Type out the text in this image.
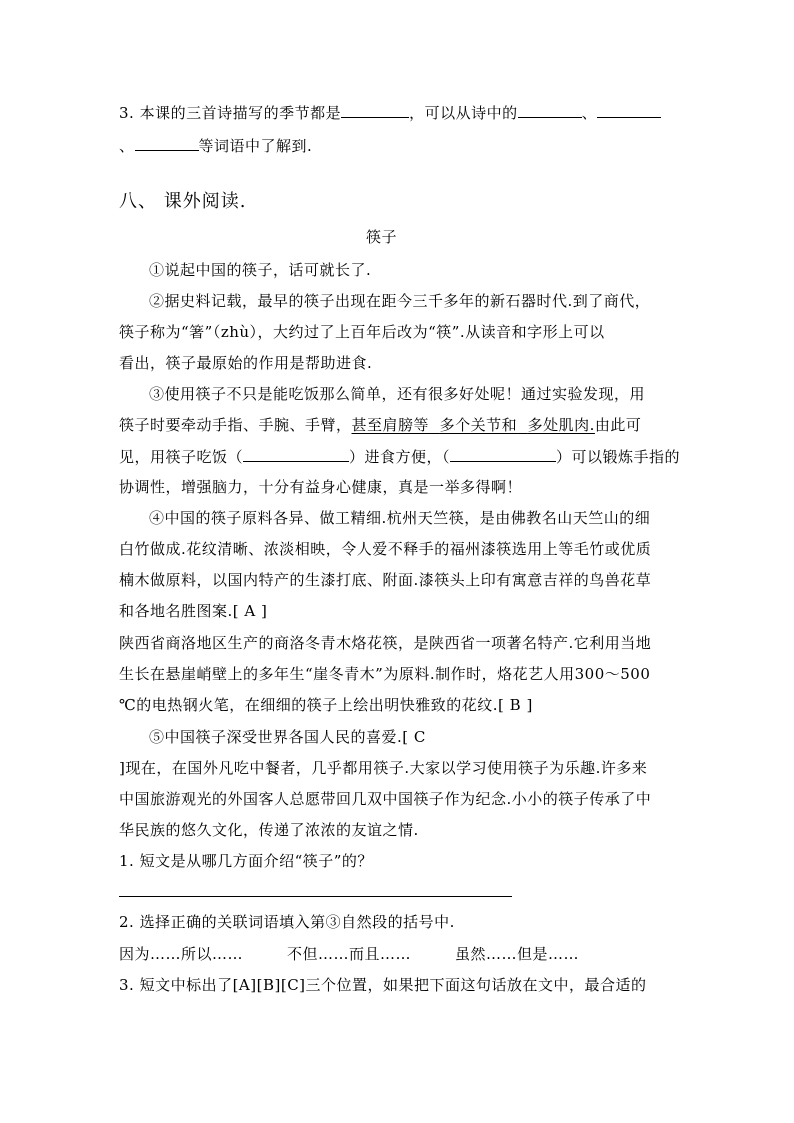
3. 本课的三首诗描写的季节都是	，可以从诗中的	、
、	等词语中了解到.
八、 课外阅读.
筷子
①说起中国的筷子，话可就长了.
②据史料记载，最早的筷子出现在距今三千多年的新石器时代.到了商代，
筷子称为“箸”（zhù），大约过了上百年后改为“筷”.从读音和字形上可以
看出，筷子最原始的作用是帮助进食.
③使用筷子不只是能吃饭那么简单，还有很多好处呢！通过实验发现，用
筷子时要牵动手指、手腕、手臂，甚至肩膀等 多个关节和 多处肌肉.由此可
见，用筷子吃饭（	）进食方便，（	）可以锻炼手指的
协调性，增强脑力，十分有益身心健康，真是一举多得啊！
④中国的筷子原料各异、做工精细.杭州天竺筷，是由佛教名山天竺山的细
白竹做成.花纹清晰、浓淡相映，令人爱不释手的福州漆筷选用上等毛竹或优质
楠木做原料，以国内特产的生漆打底、附面.漆筷头上印有寓意吉祥的鸟兽花草
和各地名胜图案.[ A ]
陕西省商洛地区生产的商洛冬青木烙花筷，是陕西省一项著名特产.它利用当地
生长在悬崖峭壁上的多年生“崖冬青木”为原料.制作时，烙花艺人用300～500
℃的电热钢火笔，在细细的筷子上绘出明快雅致的花纹.[ B ]
⑤中国筷子深受世界各国人民的喜爱.[ C
]现在，在国外凡吃中餐者，几乎都用筷子.大家以学习使用筷子为乐趣.许多来
中国旅游观光的外国客人总愿带回几双中国筷子作为纪念.小小的筷子传承了中
华民族的悠久文化，传递了浓浓的友谊之情.
1. 短文是从哪几方面介绍“筷子”的？
2. 选择正确的关联词语填入第③自然段的括号中.
因为……所以……	不但……而且……	虽然……但是……
3. 短文中标出了[A][B][C]三个位置，如果把下面这句话放在文中，最合适的
